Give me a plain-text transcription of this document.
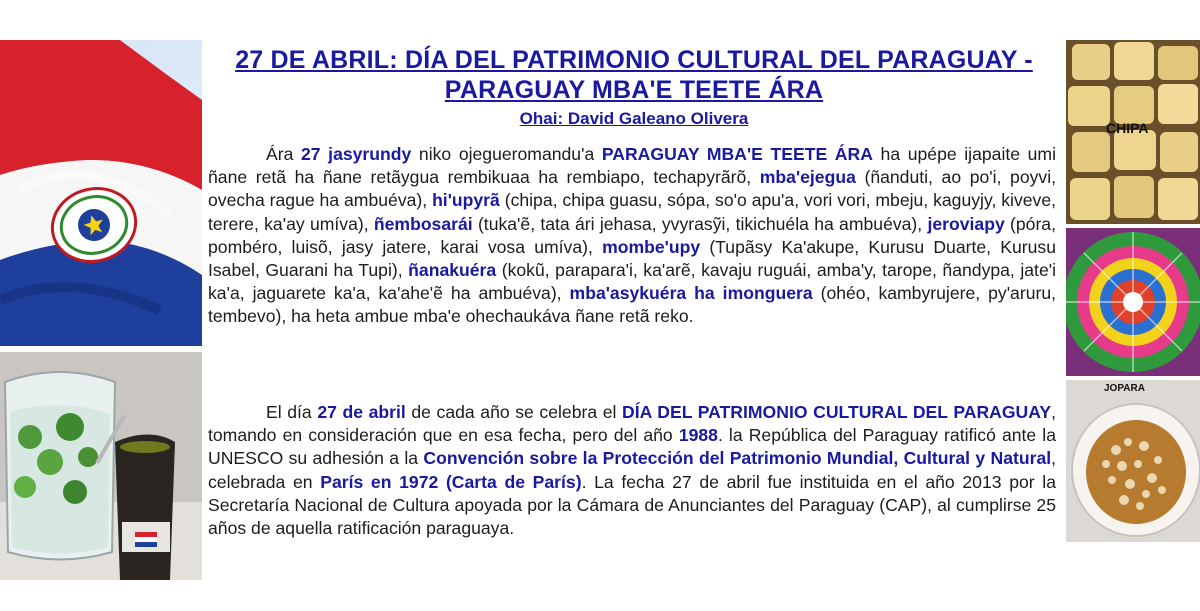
CHIPA
JOPARA
27 DE ABRIL: DÍA DEL PATRIMONIO CULTURAL DEL PARAGUAY - PARAGUAY MBA'E TEETE ÁRA
Ohai: David Galeano Olivera

Ára 27 jasyrundy niko ojegueromandu'a PARAGUAY MBA'E TEETE ÁRA ha upépe ijapaite umi ñane retã ha ñane retãygua rembikuaa ha rembiapo, techapyrãrõ, mba'ejegua (ñanduti, ao po'i, poyvi, ovecha rague ha ambuéva), hi'upyrã (chipa, chipa guasu, sópa, so'o apu'a, vori vori, mbeju, kaguyjy, kiveve, terere, ka'ay umíva), ñembosarái (tuka'ẽ, tata ári jehasa, yvyrasỹi, tikichuéla ha ambuéva), jeroviapy (póra, pombéro, luisõ, jasy jatere, karai vosa umíva), mombe'upy (Tupãsy Ka'akupe, Kurusu Duarte, Kurusu Isabel, Guarani ha Tupi), ñanakuéra (kokũ, parapara'i, ka'arẽ, kavaju ruguái, amba'y, tarope, ñandypa, jate'i ka'a, jaguarete ka'a, ka'ahe'ẽ ha ambuéva), mba'asykuéra ha imonguera (ohéo, kambyrujere, py'aruru, tembevo), ha heta ambue mba'e ohechaukáva ñane retã reko.

El día 27 de abril de cada año se celebra el DÍA DEL PATRIMONIO CULTURAL DEL PARAGUAY, tomando en consideración que en esa fecha, pero del año 1988. la República del Paraguay ratificó ante la UNESCO su adhesión a la Convención sobre la Protección del Patrimonio Mundial, Cultural y Natural, celebrada en París en 1972 (Carta de París). La fecha 27 de abril fue instituida en el año 2013 por la Secretaría Nacional de Cultura apoyada por la Cámara de Anunciantes del Paraguay (CAP), al cumplirse 25 años de aquella ratificación paraguaya.
